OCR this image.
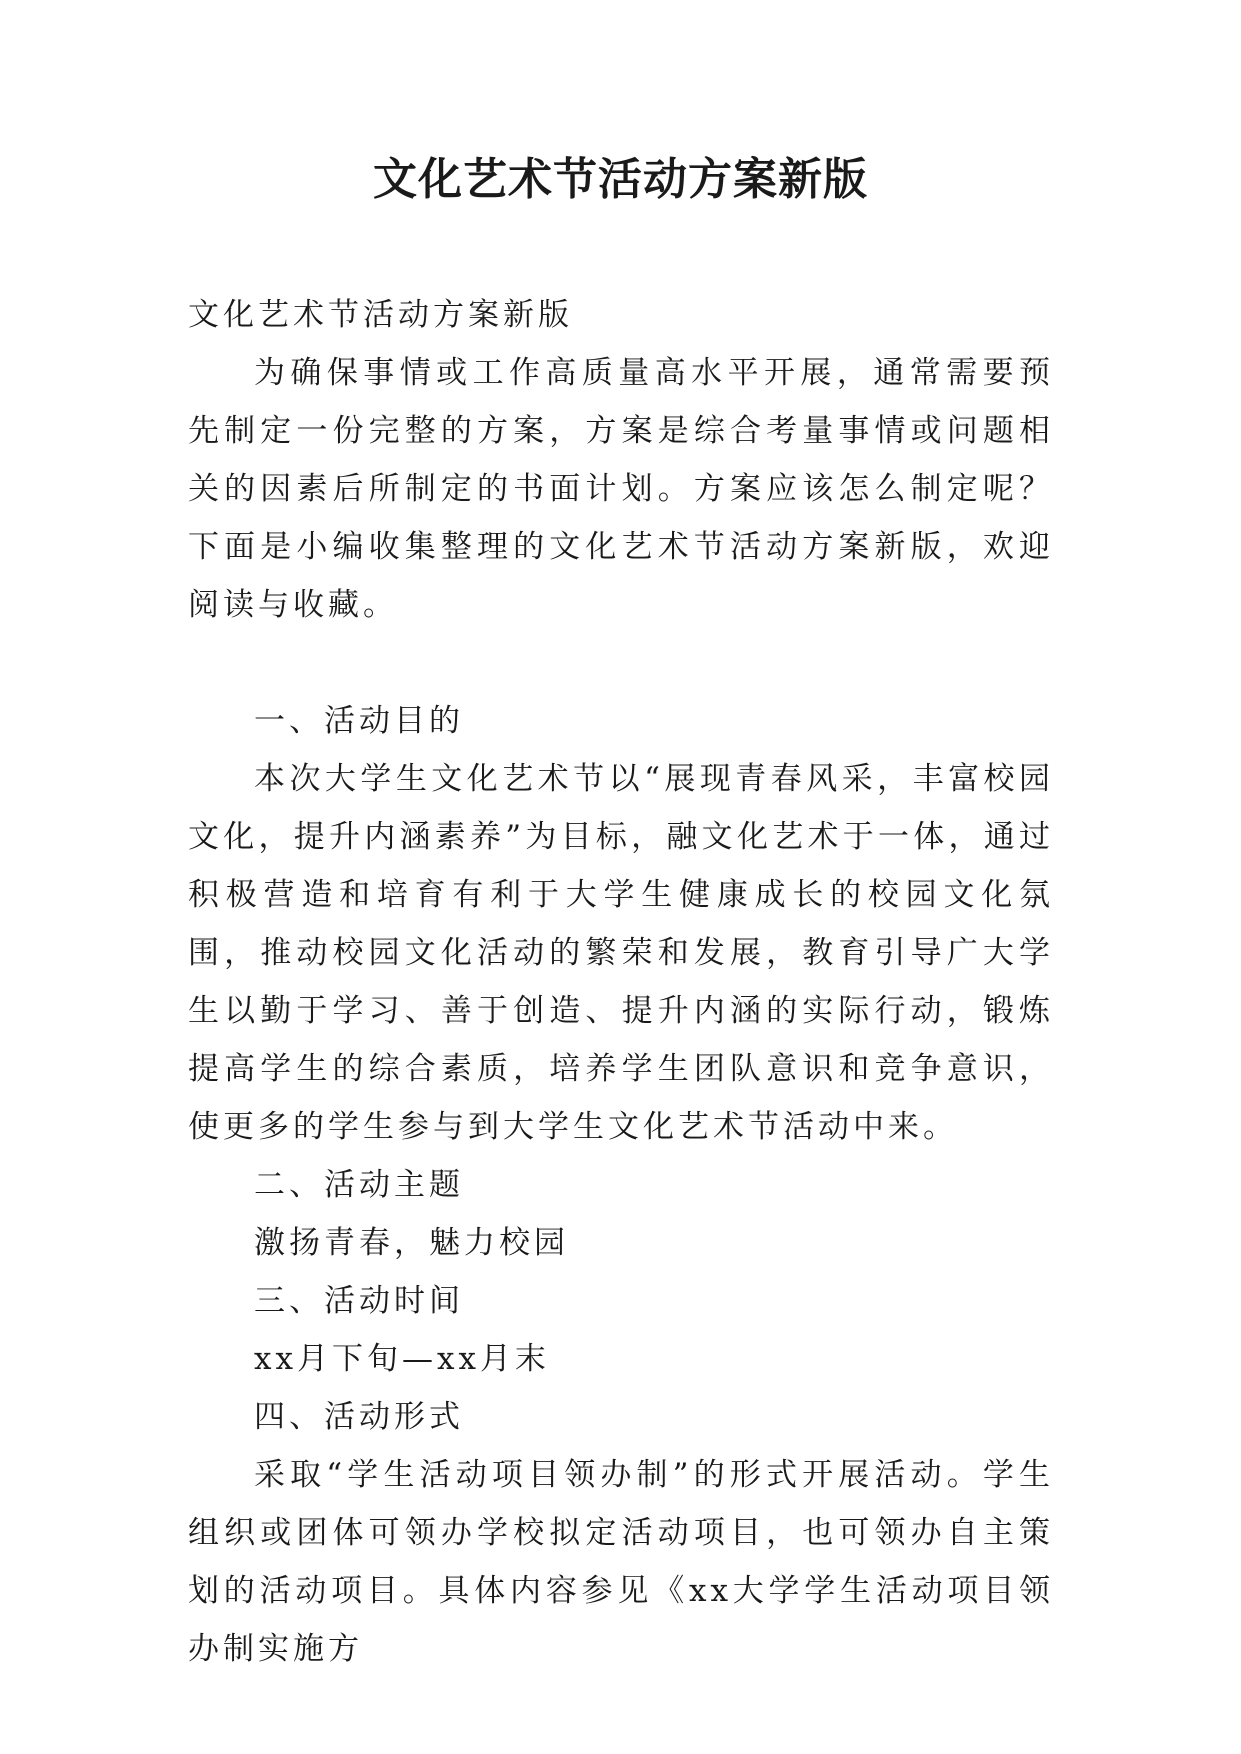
文化艺术节活动方案新版

文化艺术节活动方案新版

为确保事情或工作高质量高水平开展，通常需要预先制定一份完整的方案，方案是综合考量事情或问题相关的因素后所制定的书面计划。方案应该怎么制定呢？下面是小编收集整理的文化艺术节活动方案新版，欢迎阅读与收藏。

一、活动目的

本次大学生文化艺术节以“展现青春风采，丰富校园文化，提升内涵素养”为目标，融文化艺术于一体，通过积极营造和培育有利于大学生健康成长的校园文化氛围，推动校园文化活动的繁荣和发展，教育引导广大学生以勤于学习、善于创造、提升内涵的实际行动，锻炼提高学生的综合素质，培养学生团队意识和竞争意识，使更多的学生参与到大学生文化艺术节活动中来。

二、活动主题

激扬青春，魅力校园

三、活动时间

xx月下旬—xx月末

四、活动形式

采取“学生活动项目领办制”的形式开展活动。学生组织或团体可领办学校拟定活动项目，也可领办自主策划的活动项目。具体内容参见《xx大学学生活动项目领办制实施方
